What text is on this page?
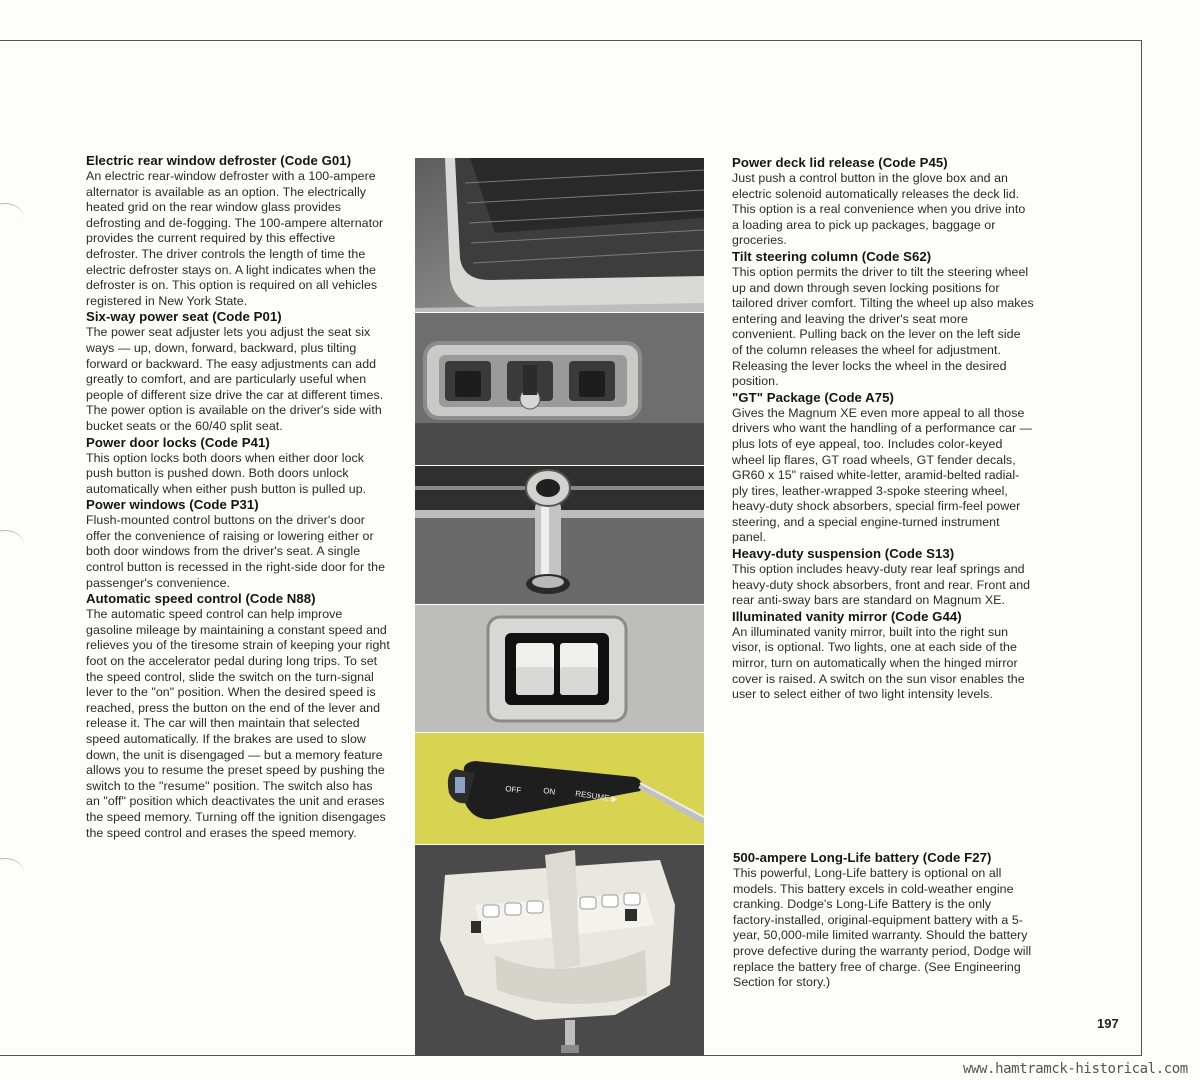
Electric rear window defroster (Code G01)

An electric rear-window defroster with a 100-ampere alternator is available as an option. The electrically heated grid on the rear window glass provides defrosting and de-fogging. The 100-ampere alternator provides the current required by this effective defroster. The driver controls the length of time the electric defroster stays on. A light indicates when the defroster is on. This option is required on all vehicles registered in New York State.

Six-way power seat (Code P01)

The power seat adjuster lets you adjust the seat six ways — up, down, forward, backward, plus tilting forward or backward. The easy adjustments can add greatly to comfort, and are particularly useful when people of different size drive the car at different times. The power option is available on the driver's side with bucket seats or the 60/40 split seat.

Power door locks (Code P41)

This option locks both doors when either door lock push button is pushed down. Both doors unlock automatically when either push button is pulled up.

Power windows (Code P31)

Flush-mounted control buttons on the driver's door offer the convenience of raising or lowering either or both door windows from the driver's seat. A single control button is recessed in the right-side door for the passenger's convenience.

Automatic speed control (Code N88)

The automatic speed control can help improve gasoline mileage by maintaining a constant speed and relieves you of the tiresome strain of keeping your right foot on the accelerator pedal during long trips. To set the speed control, slide the switch on the turn-signal lever to the "on" position. When the desired speed is reached, press the button on the end of the lever and release it. The car will then maintain that selected speed automatically. If the brakes are used to slow down, the unit is disengaged — but a memory feature allows you to resume the preset speed by pushing the switch to the "resume" position. The switch also has an "off" position which deactivates the unit and erases the speed memory. Turning off the ignition disengages the speed control and erases the speed memory.

OFF	ON RESUME ▶
Power deck lid release (Code P45)

Just push a control button in the glove box and an electric solenoid automatically releases the deck lid. This option is a real convenience when you drive into a loading area to pick up packages, baggage or groceries.

Tilt steering column (Code S62)

This option permits the driver to tilt the steering wheel up and down through seven locking positions for tailored driver comfort. Tilting the wheel up also makes entering and leaving the driver's seat more convenient. Pulling back on the lever on the left side of the column releases the wheel for adjustment. Releasing the lever locks the wheel in the desired position.

"GT" Package (Code A75)

Gives the Magnum XE even more appeal to all those drivers who want the handling of a performance car — plus lots of eye appeal, too. Includes color-keyed wheel lip flares, GT road wheels, GT fender decals, GR60 x 15" raised white-letter, aramid-belted radial-ply tires, leather-wrapped 3-spoke steering wheel, heavy-duty shock absorbers, special firm-feel power steering, and a special engine-turned instrument panel.

Heavy-duty suspension (Code S13)

This option includes heavy-duty rear leaf springs and heavy-duty shock absorbers, front and rear. Front and rear anti-sway bars are standard on Magnum XE.

Illuminated vanity mirror (Code G44)

An illuminated vanity mirror, built into the right sun visor, is optional. Two lights, one at each side of the mirror, turn on automatically when the hinged mirror cover is raised. A switch on the sun visor enables the user to select either of two light intensity levels.

500-ampere Long-Life battery (Code F27)

This powerful, Long-Life battery is optional on all models. This battery excels in cold-weather engine cranking. Dodge's Long-Life Battery is the only factory-installed, original-equipment battery with a 5-year, 50,000-mile limited warranty. Should the battery prove defective during the warranty period, Dodge will replace the battery free of charge. (See Engineering Section for story.)

197
www.hamtramck-historical.com
